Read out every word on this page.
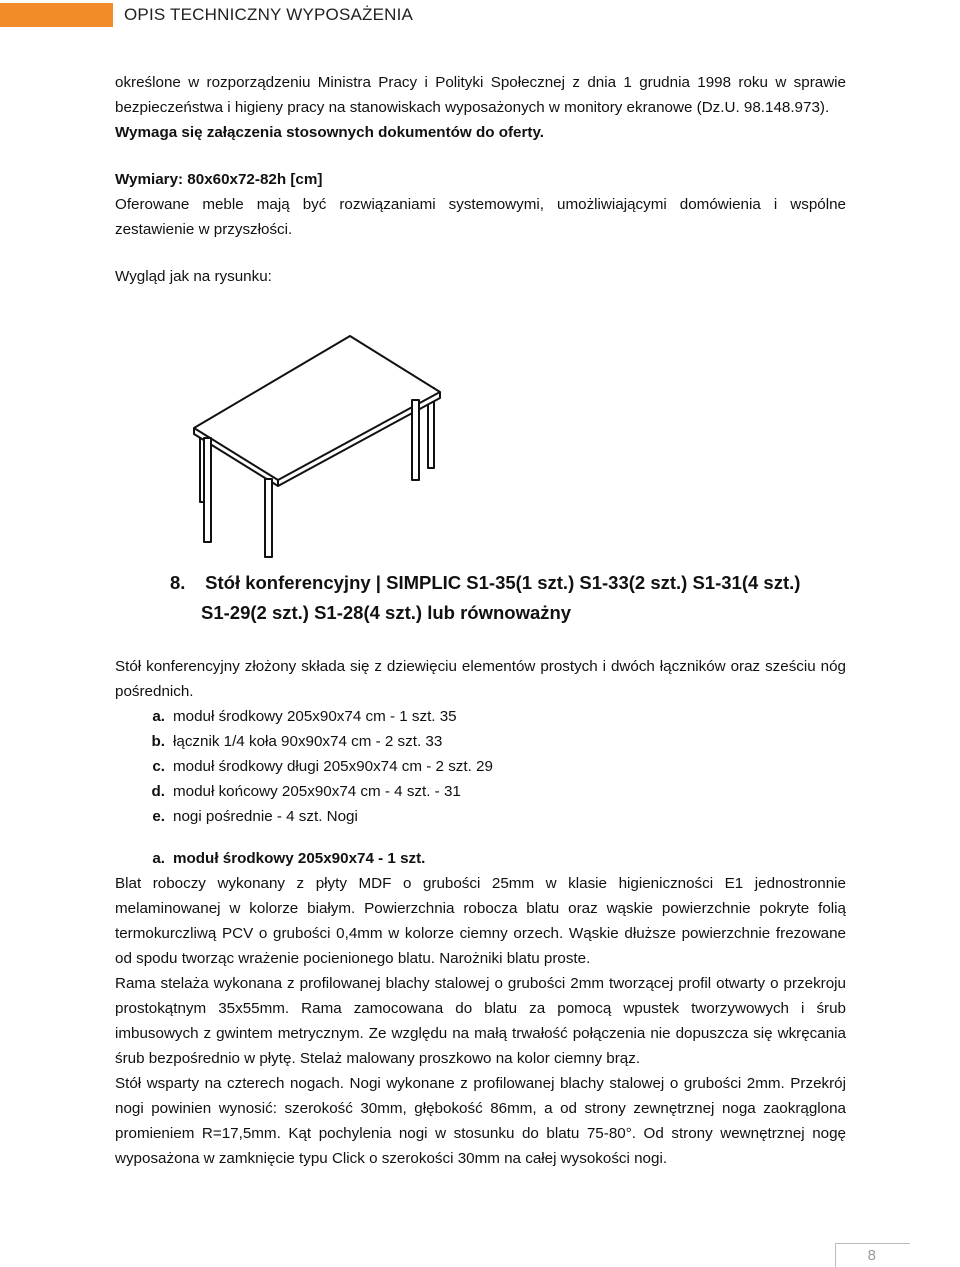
OPIS TECHNICZNY WYPOSAŻENIA

określone w rozporządzeniu Ministra Pracy i Polityki Społecznej z dnia 1 grudnia 1998 roku w sprawie bezpieczeństwa i higieny pracy na stanowiskach wyposażonych w monitory ekranowe (Dz.U. 98.148.973).

Wymaga się załączenia stosownych dokumentów do oferty.

Wymiary: 80x60x72-82h [cm]

Oferowane meble mają być rozwiązaniami systemowymi, umożliwiającymi domówienia i wspólne zestawienie w przyszłości.

Wygląd jak na rysunku:

8. Stół konferencyjny | SIMPLIC S1-35(1 szt.) S1-33(2 szt.) S1-31(4 szt.)
S1-29(2 szt.) S1-28(4 szt.) lub równoważny

Stół konferencyjny złożony składa się z dziewięciu elementów prostych i dwóch łączników oraz sześciu nóg pośrednich.

a. moduł środkowy 205x90x74 cm - 1 szt. 35
b. łącznik 1/4 koła 90x90x74 cm - 2 szt. 33
c. moduł środkowy długi 205x90x74 cm - 2 szt. 29
d. moduł końcowy 205x90x74 cm - 4 szt. - 31
e. nogi pośrednie - 4 szt. Nogi
a. moduł środkowy 205x90x74 - 1 szt.

Blat roboczy wykonany z płyty MDF o grubości 25mm w klasie higieniczności E1 jednostronnie melaminowanej w kolorze białym. Powierzchnia robocza blatu oraz wąskie powierzchnie pokryte folią termokurczliwą PCV o grubości 0,4mm w kolorze ciemny orzech. Wąskie dłuższe powierzchnie frezowane od spodu tworząc wrażenie pocienionego blatu. Narożniki blatu proste.

Rama stelaża wykonana z profilowanej blachy stalowej o grubości 2mm tworzącej profil otwarty o przekroju prostokątnym 35x55mm. Rama zamocowana do blatu za pomocą wpustek tworzywowych i śrub imbusowych z gwintem metrycznym. Ze względu na małą trwałość połączenia nie dopuszcza się wkręcania śrub bezpośrednio w płytę. Stelaż malowany proszkowo na kolor ciemny brąz.

Stół wsparty na czterech nogach. Nogi wykonane z profilowanej blachy stalowej o grubości 2mm. Przekrój nogi powinien wynosić: szerokość 30mm, głębokość 86mm, a od strony zewnętrznej noga zaokrąglona promieniem R=17,5mm. Kąt pochylenia nogi w stosunku do blatu 75-80°. Od strony wewnętrznej nogę wyposażona w zamknięcie typu Click o szerokości 30mm na całej wysokości nogi.

8
